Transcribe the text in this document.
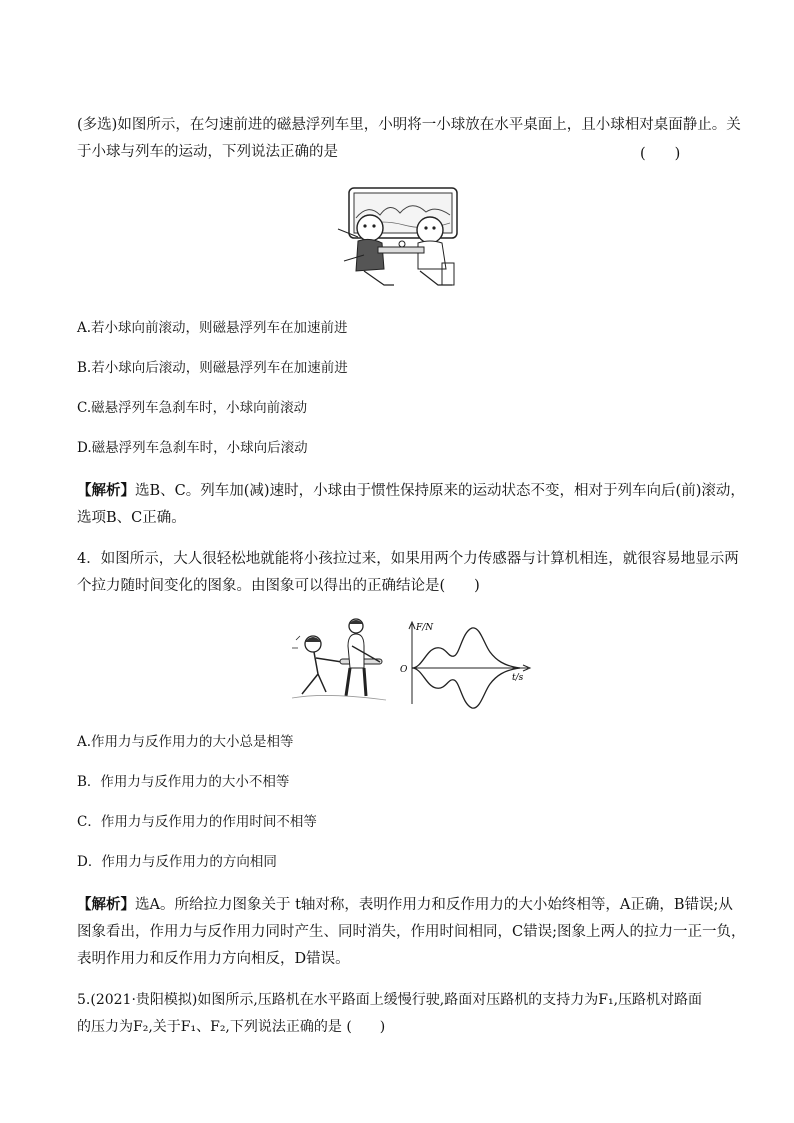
(多选)如图所示，在匀速前进的磁悬浮列车里，小明将一小球放在水平桌面上，且小球相对桌面静止。关
于小球与列车的运动，下列说法正确的是	(　　)
A.若小球向前滚动，则磁悬浮列车在加速前进
B.若小球向后滚动，则磁悬浮列车在加速前进
C.磁悬浮列车急刹车时，小球向前滚动
D.磁悬浮列车急刹车时，小球向后滚动
【解析】选B、C。列车加(减)速时，小球由于惯性保持原来的运动状态不变，相对于列车向后(前)滚动，
选项B、C正确。
4．如图所示，大人很轻松地就能将小孩拉过来，如果用两个力传感器与计算机相连，就很容易地显示两
个拉力随时间变化的图象。由图象可以得出的正确结论是(　　)
F/N
O
t/s
A.作用力与反作用力的大小总是相等
B．作用力与反作用力的大小不相等
C．作用力与反作用力的作用时间不相等
D．作用力与反作用力的方向相同
【解析】选A。所给拉力图象关于 t轴对称，表明作用力和反作用力的大小始终相等，A正确，B错误;从
图象看出，作用力与反作用力同时产生、同时消失，作用时间相同，C错误;图象上两人的拉力一正一负，
表明作用力和反作用力方向相反，D错误。
5.(2021·贵阳模拟)如图所示,压路机在水平路面上缓慢行驶,路面对压路机的支持力为F₁,压路机对路面
的压力为F₂,关于F₁、F₂,下列说法正确的是 (　　)
